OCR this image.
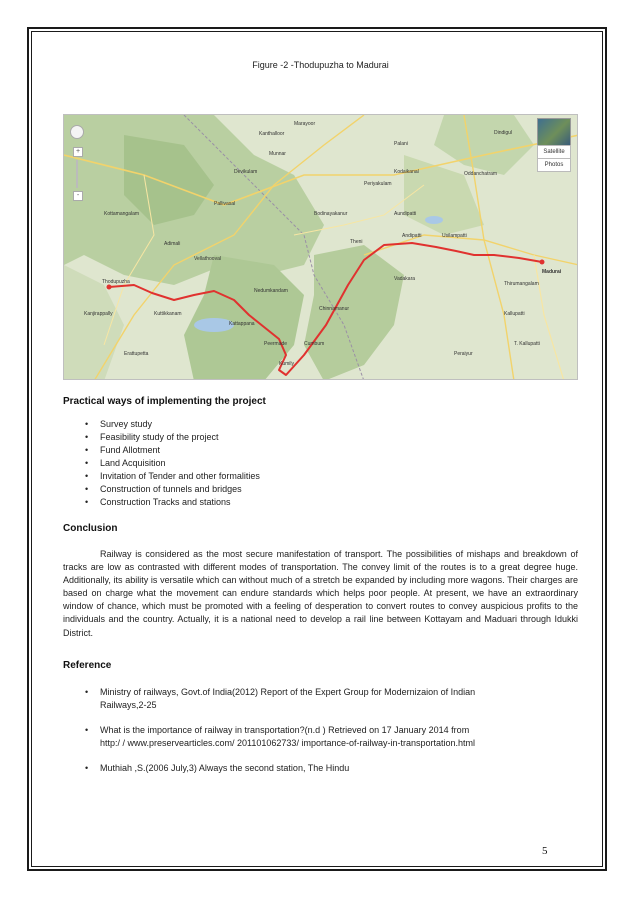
Figure -2 -Thodupuzha to Madurai
Dindigul
Palani
Kodaikanal	Oddanchatram
Munnar
Devikulam
Thodupuzha
Kattappana
Nedumkandam
Kumily
Theni
Andipatti	Usilampatti
Madurai
Periyakulam
Bodinayakanur
Thirumangalam
Peermade
Chinnamanur
Cumbum
Kanthalloor
Marayoor
Vadakara
Kallupatti
Kottamangalam
Adimali
Kanjirappally
Erattupetta
Vellathooval
Peraiyur
T. Kallupatti
Aundipatti
Pallivasal
Kuttikkanam
+
-
Satellite
Photos
Practical ways of implementing the project
• Survey study
• Feasibility study of the project
• Fund Allotment
• Land Acquisition
• Invitation of Tender and other formalities
• Construction of tunnels and bridges
• Construction Tracks and stations
Conclusion

Railway is considered as the most secure manifestation of transport. The possibilities of mishaps and breakdown of tracks are low as contrasted with different modes of transportation. The convey limit of the routes is to a great degree huge. Additionally, its ability is versatile which can without much of a stretch be expanded by including more wagons. Their charges are based on charge what the movement can endure standards which helps poor people. At present, we have an extraordinary window of chance, which must be promoted with a feeling of desperation to convert routes to convey auspicious profits to the individuals and the country. Actually, it is a national need to develop a rail line between Kottayam and Maduari through Idukki District.

Reference
• Ministry of railways, Govt.of India(2012) Report of the Expert Group for Modernizaion of Indian
Railways,2-25
• What is the importance of railway in transportation?(n.d ) Retrieved on 17 January 2014 from
http:/ / www.preservearticles.com/ 201101062733/ importance-of-railway-in-transportation.html
• Muthiah ,S.(2006 July,3) Always the second station, The Hindu
5
